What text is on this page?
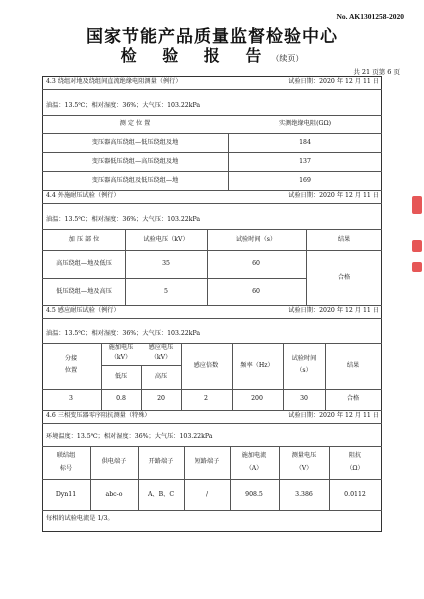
No. AK1301258-2020
国家节能产品质量监督检验中心
检 验 报 告（续页）
共 21 页第 6 页
4.3 绕组对地及绕组间直流绝缘电阻测量（例行）	试验日期：2020 年 12 月 11 日
油温：13.5℃；相对湿度：36%；大气压：103.22kPa
测 定 位 置	实测绝缘电阻(GΩ)
变压器高压绕组—低压绕组及地	184
变压器低压绕组—高压绕组及地	137
变压器高压绕组及低压绕组—地	169
4.4 外施耐压试验（例行）	试验日期：2020 年 12 月 11 日
油温：13.5℃；相对湿度：36%；大气压：103.22kPa
加 压 部 位	试验电压（kV）	试验时间（s）	结果
高压绕组—地及低压	35	60
低压绕组—地及高压	5	60
合格
4.5 感应耐压试验（例行）	试验日期：2020 年 12 月 11 日
油温：13.5℃；相对湿度：36%；大气压：103.22kPa
分接
位置
施加电压
（kV）
感应电压
（kV）
低压	高压
感应倍数	频率（Hz）
试验时间
（s）
结果
3	0.8	20	2	200	30	合格
4.6 三相变压器零序阻抗测量（特殊）	试验日期：2020 年 12 月 11 日
环境温度：13.5℃；相对湿度：36%；大气压：103.22kPa
联结组
标号
供电端子	开路端子	短路端子
施加电流
（A）
测量电压
（V）
阻抗
（Ω）
Dyn11	abc-o	A、B、C	/	908.5	3.386	0.0112
每相的试验电流是 1/3。
